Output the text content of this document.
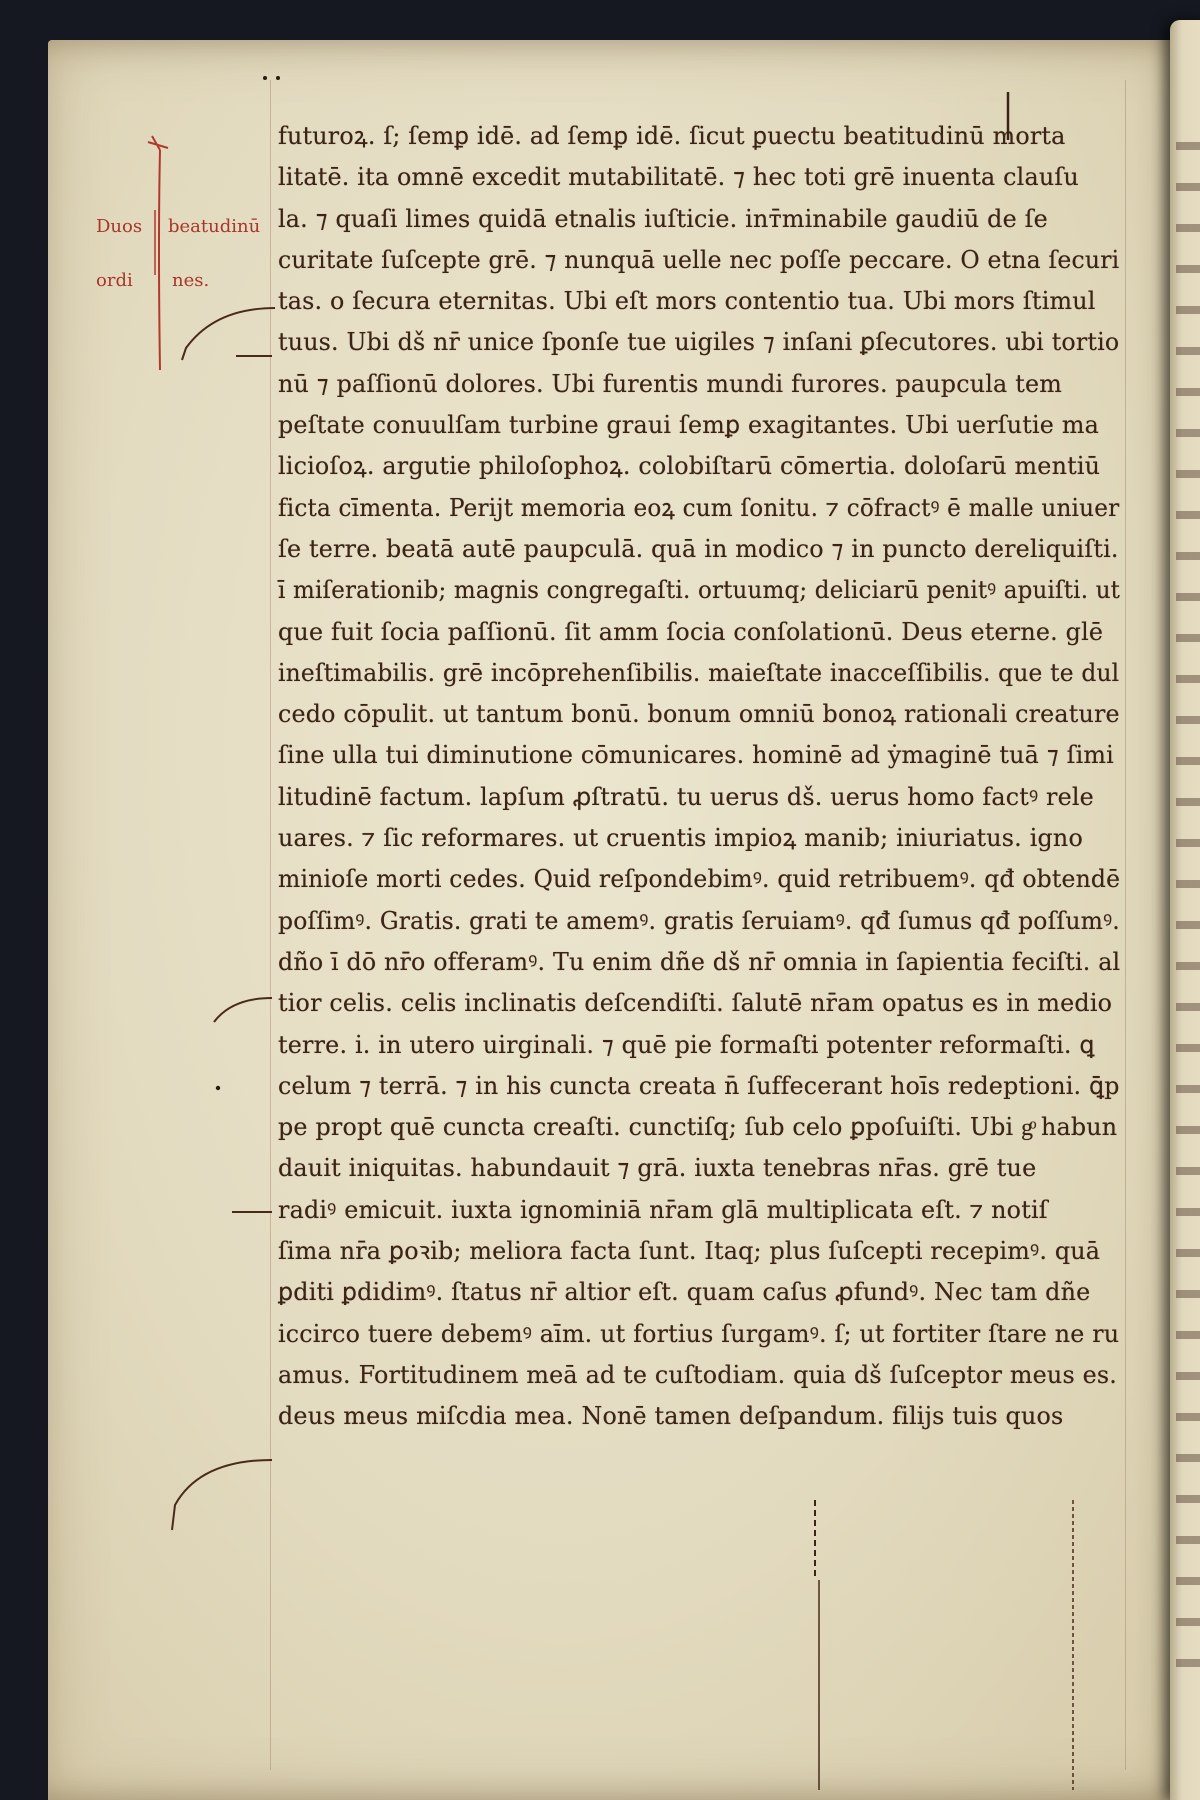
Duos
ordi
beatudinū
nes.
futuroꝝ. ſ; ſemꝑ idē. ad ſemꝑ idē. ſicut ꝑuectu beatitudinū morta
litatē. ita omnē excedit mutabilitatē. ⁊ hec toti grē inuenta clauſu
la. ⁊ quaſi limes quidā etnalis iuſticie. inт̄minabile gaudiū de ſe
curitate ſuſcepte grē. ⁊ nunquā uelle nec poſſe peccare. O etna ſecuri
tas. o ſecura eternitas. Ubi eſt mors contentio tua. Ubi mors ſtimul
tuus. Ubi dš nr̄ unice ſponſe tue uigiles ⁊ inſani ꝑſecutores. ubi tortio
nū ⁊ paſſionū dolores. Ubi furentis mundi furores. paupcula tem
peſtate conuulſam turbine graui ſemꝑ exagitantes. Ubi uerſutie ma
licioſoꝝ. argutie philoſophoꝝ. colobiſtarū cōmertia. doloſarū mentiū
ficta cīmenta. Perijt memoria eoꝝ cum ſonitu. ⁊ cōfractꝰ ē malle uniuer
ſe terre. beatā autē paupculā. quā in modico ⁊ in puncto dereliquiſti.
ī miſerationib; magnis congregaſti. ortuumq; deliciarū penitꝰ apuiſti. ut
que fuit ſocia paſſionū. ſit amm ſocia conſolationū. Deus eterne. glē
ineſtimabilis. grē incōprehenſibilis. maieſtate inacceſſibilis. que te dul
cedo cōpulit. ut tantum bonū. bonum omniū bonoꝝ rationali creature
ſine ulla tui diminutione cōmunicares. hominē ad ẏmaginē tuā ⁊ ſimi
litudinē factum. lapſum ꝓſtratū. tu uerus dš. uerus homo factꝰ rele
uares. ⁊ ſic reformares. ut cruentis impioꝝ manib; iniuriatus. igno
minioſe morti cedes. Quid reſpondebimꝰ. quid retribuemꝰ. qđ obtendē
poſſimꝰ. Gratis. grati te amemꝰ. gratis ſeruiamꝰ. qđ ſumus qđ poſſumꝰ.
dño ī dō nr̄o offeramꝰ. Tu enim dñe dš nr̄ omnia in ſapientia feciſti. al
tior celis. celis inclinatis deſcendiſti. ſalutē nr̄am opatus es in medio
terre. i. in utero uirginali. ⁊ quē pie formaſti potenter reformaſti. ꝗ
celum ⁊ terrā. ⁊ in his cuncta creata n̄ ſuffecerant hoīs redeptioni. ꝗ̄p
pe propt quē cuncta creaſti. cunctiſq; ſub celo ꝑpoſuiſti. Ubi gͦ habun
dauit iniquitas. habundauit ⁊ grā. iuxta tenebras nr̄as. grē tue
radiꝰ emicuit. iuxta ignominiā nr̄am glā multiplicata eſt. ⁊ notiſ
ſima nr̄a ꝑoꝛib; meliora facta ſunt. Itaq; plus ſuſcepti recepimꝰ. quā
ꝑditi ꝑdidimꝰ. ſtatus nr̄ altior eſt. quam caſus ꝓfundꝰ. Nec tam dñe
iccirco tuere debemꝰ aīm. ut fortius ſurgamꝰ. ſ; ut fortiter ſtare ne ru
amus. Fortitudinem meā ad te cuſtodiam. quia dš ſuſceptor meus es.
deus meus miſcdia mea. Nonē tamen deſpandum. filijs tuis quos
